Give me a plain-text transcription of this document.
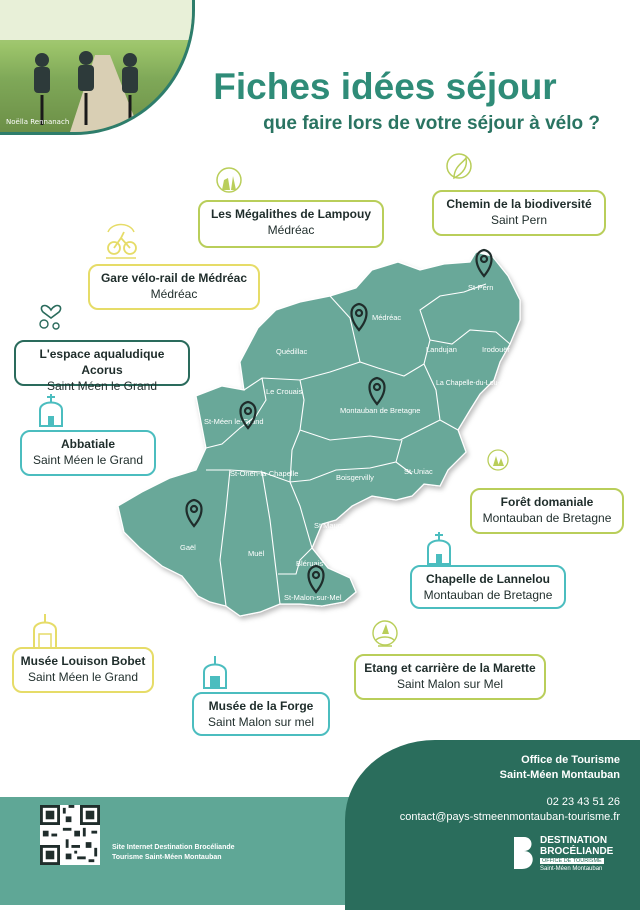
Noëlla Rennanach
Fiches idées séjour
que faire lors de votre séjour à vélo ?
St-Pern
Médréac
Quédillac	Landujan	Irodouër
Le Crouais
La Chapelle-du-Lou-du-Lac
Montauban de Bretagne
St-Méen le-Grand
St-Onen-la-Chapelle	Boisgervilly
St-Uniac
Gaël
St Maugan
Muël
Bléruais
St-Malon-sur-Mel
Les Mégalithes de Lampouy
Médréac
Chemin de la biodiversité
Saint Pern
Gare vélo-rail de Médréac
Médréac
L'espace aqualudique Acorus
Saint Méen le Grand
Abbatiale
Saint Méen le Grand
Forêt domaniale
Montauban de Bretagne
Chapelle de Lannelou
Montauban de Bretagne
Musée Louison Bobet
Saint Méen le Grand
Etang et carrière de la Marette
Saint Malon sur Mel
Musée de la Forge
Saint Malon sur mel
Office de Tourisme
Saint-Méen Montauban
02 23 43 51 26
contact@pays-stmeenmontauban-tourisme.fr
Site Internet Destination Brocéliande
Tourisme Saint-Méen Montauban
DESTINATION
BROCÉLIANDE
OFFICE DE TOURISME
Saint-Méen Montauban
